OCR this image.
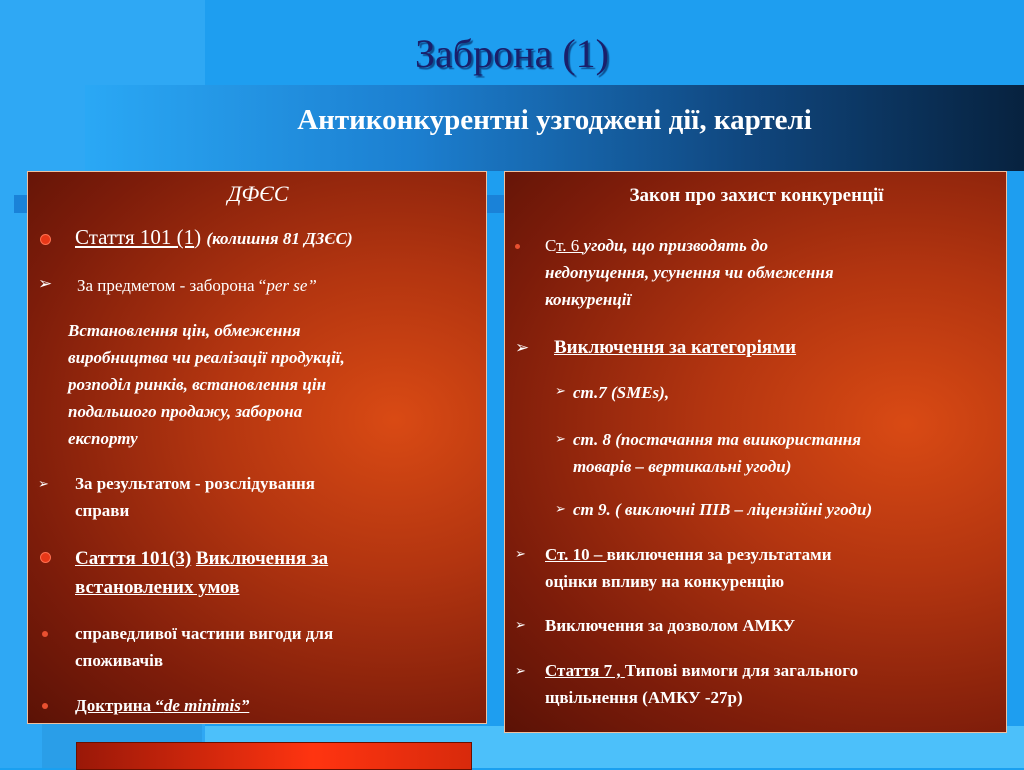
Заброна (1)
Антиконкурентні узгоджені дії, картелі
ДФЄС
Стаття 101 (1) (колишня 81 ДЗЄС)
➢ За предметом - заборона “per se”
Встановлення цін, обмеження
виробництва чи реалізації продукції,
розподіл ринків, встановлення цін
подальшого продажу, заборона
експорту
➢ За результатом - розслідування
справи
Сатття 101(3) Виключення за
встановлених умов
справедливої частини вигоди для
споживачів
Доктрина “de minimis”
Закон про захист конкуренції
Ст. 6 угоди, що призводять до
недопущення, усунення чи обмеження
конкуренції
➢ Виключення за категоріями
➢ ст.7 (SMEs),
➢ ст. 8 (постачання та виикористання
товарів – вертикальні угоди)
➢ ст 9. ( виключні ПІВ – ліцензійні угоди)
➢ Ст. 10 – виключення за результатами
оцінки впливу на конкуренцію
➢ Виключення за дозволом АМКУ
➢ Стаття 7 , Типові вимоги для загального
щвільнення (АМКУ -27р)
